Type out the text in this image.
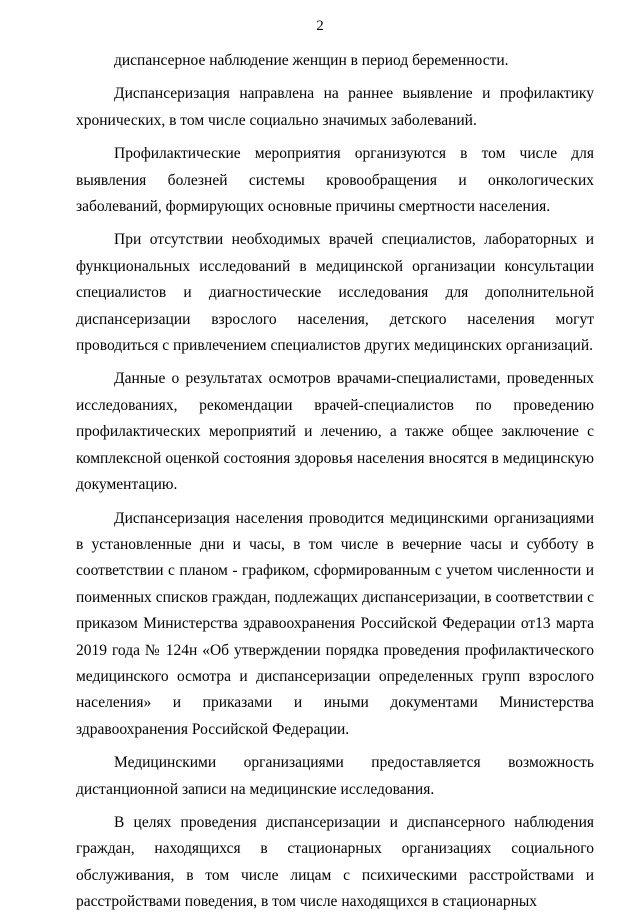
2

диспансерное наблюдение женщин в период беременности.

Диспансеризация направлена на раннее выявление и профилактику хронических, в том числе социально значимых заболеваний.

Профилактические мероприятия организуются в том числе для выявления болезней системы кровообращения и онкологических заболеваний, формирующих основные причины смертности населения.

При отсутствии необходимых врачей специалистов, лабораторных и функциональных исследований в медицинской организации консультации специалистов и диагностические исследования для дополнительной диспансеризации взрослого населения, детского населения могут проводиться с привлечением специалистов других медицинских организаций.

Данные о результатах осмотров врачами-специалистами, проведенных исследованиях, рекомендации врачей-специалистов по проведению профилактических мероприятий и лечению, а также общее заключение с комплексной оценкой состояния здоровья населения вносятся в медицинскую документацию.

Диспансеризация населения проводится медицинскими организациями в установленные дни и часы, в том числе в вечерние часы и субботу в соответствии с планом - графиком, сформированным с учетом численности и поименных списков граждан, подлежащих диспансеризации, в соответствии с приказом Министерства здравоохранения Российской Федерации от13 марта 2019 года № 124н «Об утверждении порядка проведения профилактического медицинского осмотра и диспансеризации определенных групп взрослого населения» и приказами и иными документами Министерства здравоохранения Российской Федерации.

Медицинскими организациями предоставляется возможность дистанционной записи на медицинские исследования.

В целях проведения диспансеризации и диспансерного наблюдения граждан, находящихся в стационарных организациях социального обслуживания, в том числе лицам с психическими расстройствами и расстройствами поведения, в том числе находящихся в стационарных
